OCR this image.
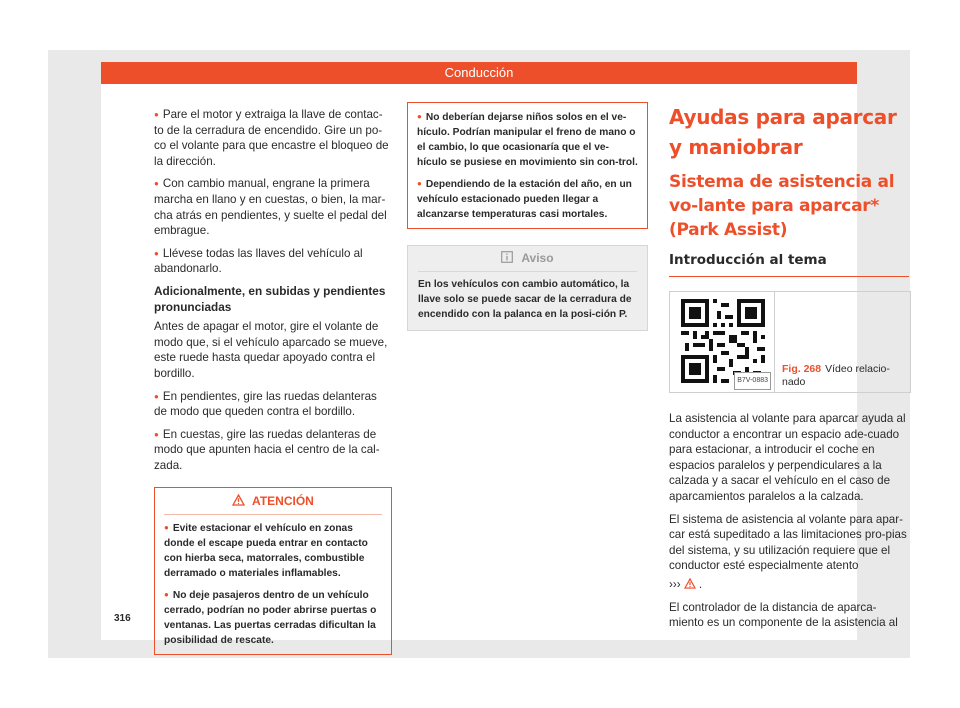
Conducción

● Pare el motor y extraiga la llave de contac-to de la cerradura de encendido. Gire un po-co el volante para que encastre el bloqueo de la dirección.

● Con cambio manual, engrane la primera marcha en llano y en cuestas, o bien, la mar-cha atrás en pendientes, y suelte el pedal del embrague.

● Llévese todas las llaves del vehículo al abandonarlo.

Adicionalmente, en subidas y pendientes pronunciadas

Antes de apagar el motor, gire el volante de modo que, si el vehículo aparcado se mueve, este ruede hasta quedar apoyado contra el bordillo.

● En pendientes, gire las ruedas delanteras de modo que queden contra el bordillo.

● En cuestas, gire las ruedas delanteras de modo que apunten hacia el centro de la cal-zada.

ATENCIÓN

● Evite estacionar el vehículo en zonas donde el escape pueda entrar en contacto con hierba seca, matorrales, combustible derramado o materiales inflamables.

● No deje pasajeros dentro de un vehículo cerrado, podrían no poder abrirse puertas o ventanas. Las puertas cerradas dificultan la posibilidad de rescate.

● No deberían dejarse niños solos en el ve-hículo. Podrían manipular el freno de mano o el cambio, lo que ocasionaría que el ve-hículo se pusiese en movimiento sin con-trol.

● Dependiendo de la estación del año, en un vehículo estacionado pueden llegar a alcanzarse temperaturas casi mortales.

Aviso
En los vehículos con cambio automático, la llave solo se puede sacar de la cerradura de encendido con la palanca en la posi-ción P.
Ayudas para aparcar y maniobrar
Sistema de asistencia al vo-lante para aparcar* (Park Assist)
Introducción al tema
B7V-0883
Fig. 268 Vídeo relacio-nado

La asistencia al volante para aparcar ayuda al conductor a encontrar un espacio ade-cuado para estacionar, a introducir el coche en espacios paralelos y perpendiculares a la calzada y a sacar el vehículo en el caso de aparcamientos paralelos a la calzada.

El sistema de asistencia al volante para apar-car está supeditado a las limitaciones pro-pias del sistema, y su utilización requiere que el conductor esté especialmente atento

››› .

El controlador de la distancia de aparca-miento es un componente de la asistencia al

316
